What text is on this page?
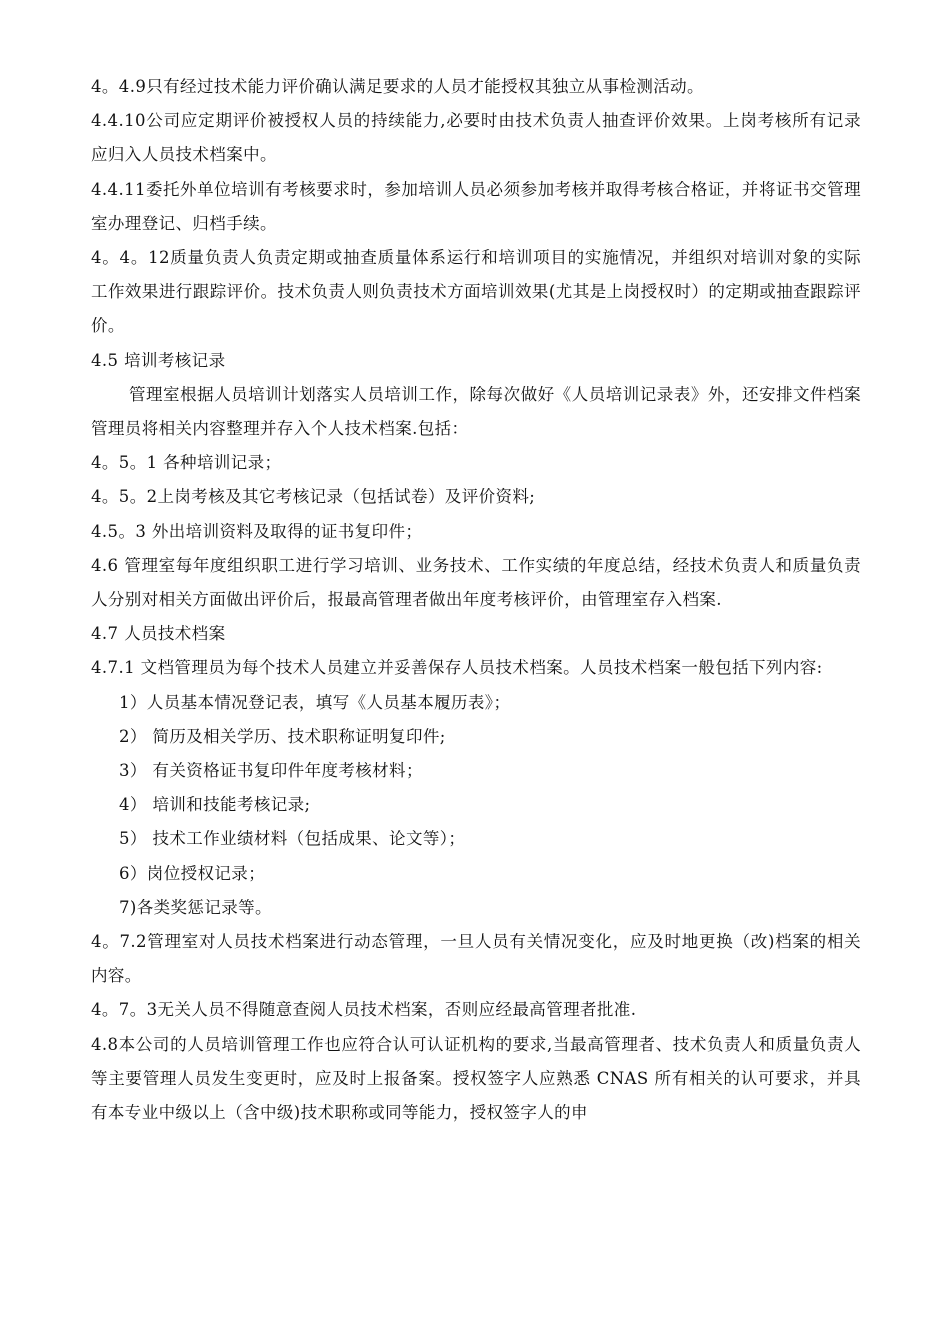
4。4.9只有经过技术能力评价确认满足要求的人员才能授权其独立从事检测活动。

4.4.10公司应定期评价被授权人员的持续能力,必要时由技术负责人抽查评价效果。上岗考核所有记录应归入人员技术档案中。

4.4.11委托外单位培训有考核要求时，参加培训人员必须参加考核并取得考核合格证，并将证书交管理室办理登记、归档手续。

4。4。12质量负责人负责定期或抽查质量体系运行和培训项目的实施情况，并组织对培训对象的实际工作效果进行跟踪评价。技术负责人则负责技术方面培训效果(尤其是上岗授权时）的定期或抽查跟踪评价。

4.5 培训考核记录

管理室根据人员培训计划落实人员培训工作，除每次做好《人员培训记录表》外，还安排文件档案管理员将相关内容整理并存入个人技术档案.包括：

4。5。1 各种培训记录；

4。5。2上岗考核及其它考核记录（包括试卷）及评价资料;

4.5。3 外出培训资料及取得的证书复印件；

4.6 管理室每年度组织职工进行学习培训、业务技术、工作实绩的年度总结，经技术负责人和质量负责人分别对相关方面做出评价后，报最高管理者做出年度考核评价，由管理室存入档案.

4.7 人员技术档案

4.7.1 文档管理员为每个技术人员建立并妥善保存人员技术档案。人员技术档案一般包括下列内容:

1）人员基本情况登记表，填写《人员基本履历表》；

2） 简历及相关学历、技术职称证明复印件;

3） 有关资格证书复印件年度考核材料；

4） 培训和技能考核记录;

5） 技术工作业绩材料（包括成果、论文等）；

6）岗位授权记录；

7)各类奖惩记录等。

4。7.2管理室对人员技术档案进行动态管理，一旦人员有关情况变化，应及时地更换（改)档案的相关内容。

4。7。3无关人员不得随意查阅人员技术档案，否则应经最高管理者批准.

4.8本公司的人员培训管理工作也应符合认可认证机构的要求,当最高管理者、技术负责人和质量负责人等主要管理人员发生变更时，应及时上报备案。授权签字人应熟悉 CNAS 所有相关的认可要求，并具有本专业中级以上（含中级)技术职称或同等能力，授权签字人的申
